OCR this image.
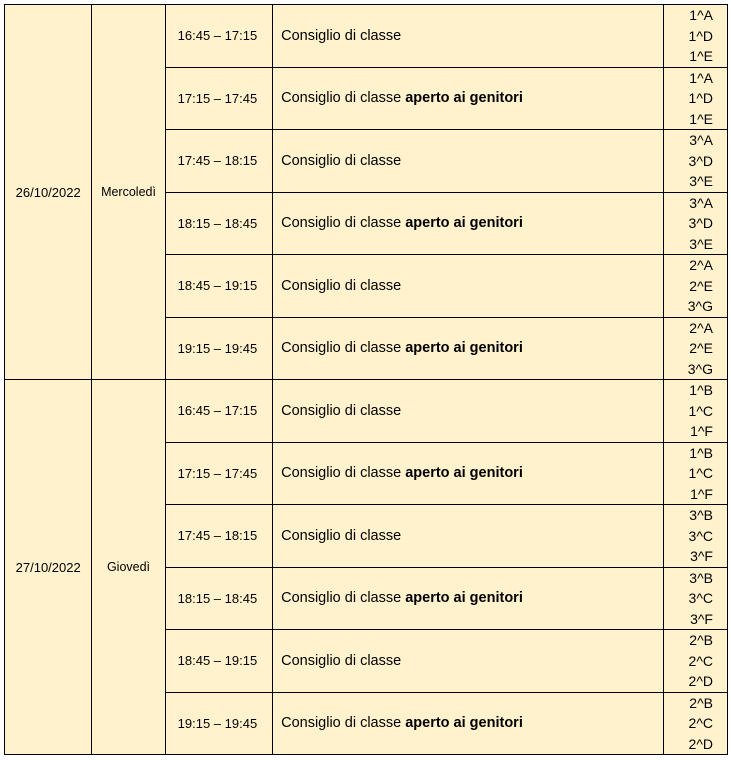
26/10/2022	Mercoledì	16:45 – 17:15	Consiglio di classe	1^A
1^D
1^E

		17:15 – 17:45	Consiglio di classe aperto ai genitori	1^A
1^D
1^E

		17:45 – 18:15	Consiglio di classe	3^A
3^D
3^E

		18:15 – 18:45	Consiglio di classe aperto ai genitori	3^A
3^D
3^E

		18:45 – 19:15	Consiglio di classe	2^A
2^E
3^G

		19:15 – 19:45	Consiglio di classe aperto ai genitori	2^A
2^E
3^G

27/10/2022	Giovedì	16:45 – 17:15	Consiglio di classe	1^B
1^C
1^F

		17:15 – 17:45	Consiglio di classe aperto ai genitori	1^B
1^C
1^F

		17:45 – 18:15	Consiglio di classe	3^B
3^C
3^F

		18:15 – 18:45	Consiglio di classe aperto ai genitori	3^B
3^C
3^F

		18:45 – 19:15	Consiglio di classe	2^B
2^C
2^D

		19:15 – 19:45	Consiglio di classe aperto ai genitori	2^B
2^C
2^D
